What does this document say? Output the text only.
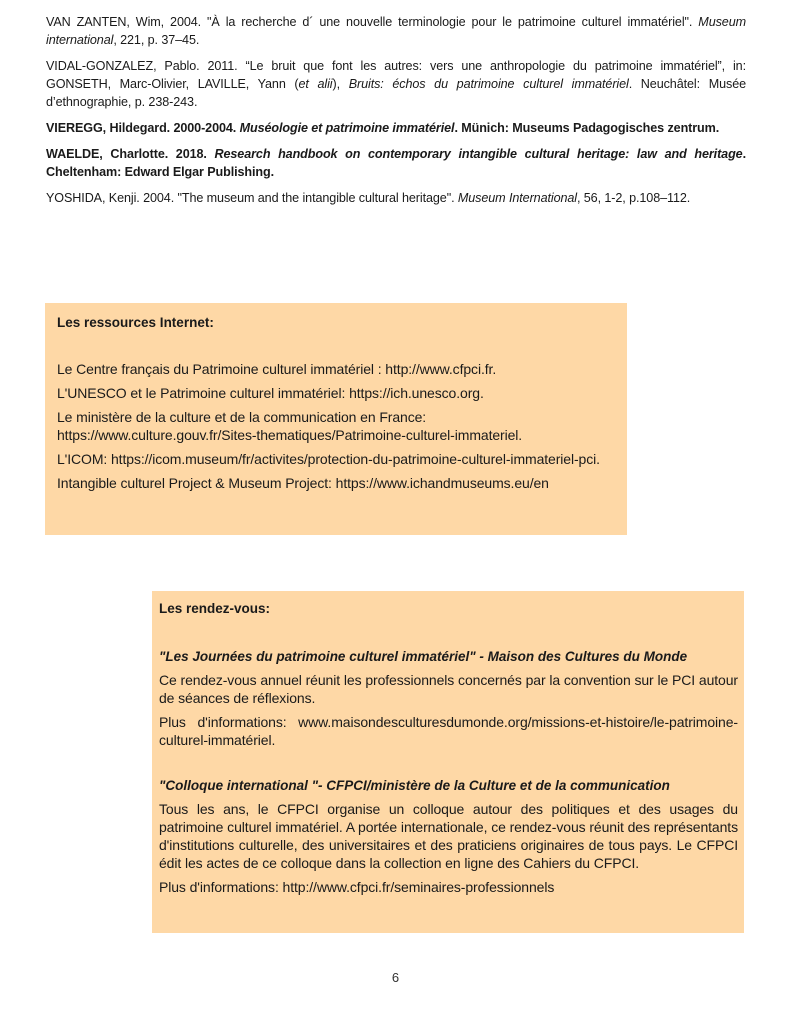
VAN ZANTEN, Wim, 2004. "À la recherche d´ une nouvelle terminologie pour le patrimoine culturel immatériel". Museum international, 221, p. 37–45.

VIDAL-GONZALEZ, Pablo. 2011. “Le bruit que font les autres: vers une anthropologie du patrimoine immatériel”, in: GONSETH, Marc-Olivier, LAVILLE, Yann (et alii), Bruits: échos du patrimoine culturel immatériel. Neuchâtel: Musée d’ethnographie, p. 238-243.

VIEREGG, Hildegard. 2000-2004. Muséologie et patrimoine immatériel. Münich: Museums Padagogisches zentrum.

WAELDE, Charlotte. 2018. Research handbook on contemporary intangible cultural heritage: law and heritage. Cheltenham: Edward Elgar Publishing.

YOSHIDA, Kenji. 2004. "The museum and the intangible cultural heritage". Museum International, 56, 1-2, p.108–112.

Les ressources Internet:
Le Centre français du Patrimoine culturel immatériel : http://www.cfpci.fr.
L'UNESCO et le Patrimoine culturel immatériel: https://ich.unesco.org.
Le ministère de la culture et de la communication en France: https://www.culture.gouv.fr/Sites-thematiques/Patrimoine-culturel-immateriel.
L'ICOM: https://icom.museum/fr/activites/protection-du-patrimoine-culturel-immateriel-pci.
Intangible culturel Project & Museum Project: https://www.ichandmuseums.eu/en
Les rendez-vous:
"Les Journées du patrimoine culturel immatériel" - Maison des Cultures du Monde
Ce rendez-vous annuel réunit les professionnels concernés par la convention sur le PCI autour de séances de réflexions.
Plus d'informations: www.maisondesculturesdumonde.org/missions-et-histoire/le-patrimoine-culturel-immatériel.
"Colloque international "- CFPCI/ministère de la Culture et de la communication
Tous les ans, le CFPCI organise un colloque autour des politiques et des usages du patrimoine culturel immatériel. A portée internationale, ce rendez-vous réunit des représentants d'institutions culturelle, des universitaires et des praticiens originaires de tous pays. Le CFPCI édit les actes de ce colloque dans la collection en ligne des Cahiers du CFPCI.
Plus d'informations: http://www.cfpci.fr/seminaires-professionnels
6
